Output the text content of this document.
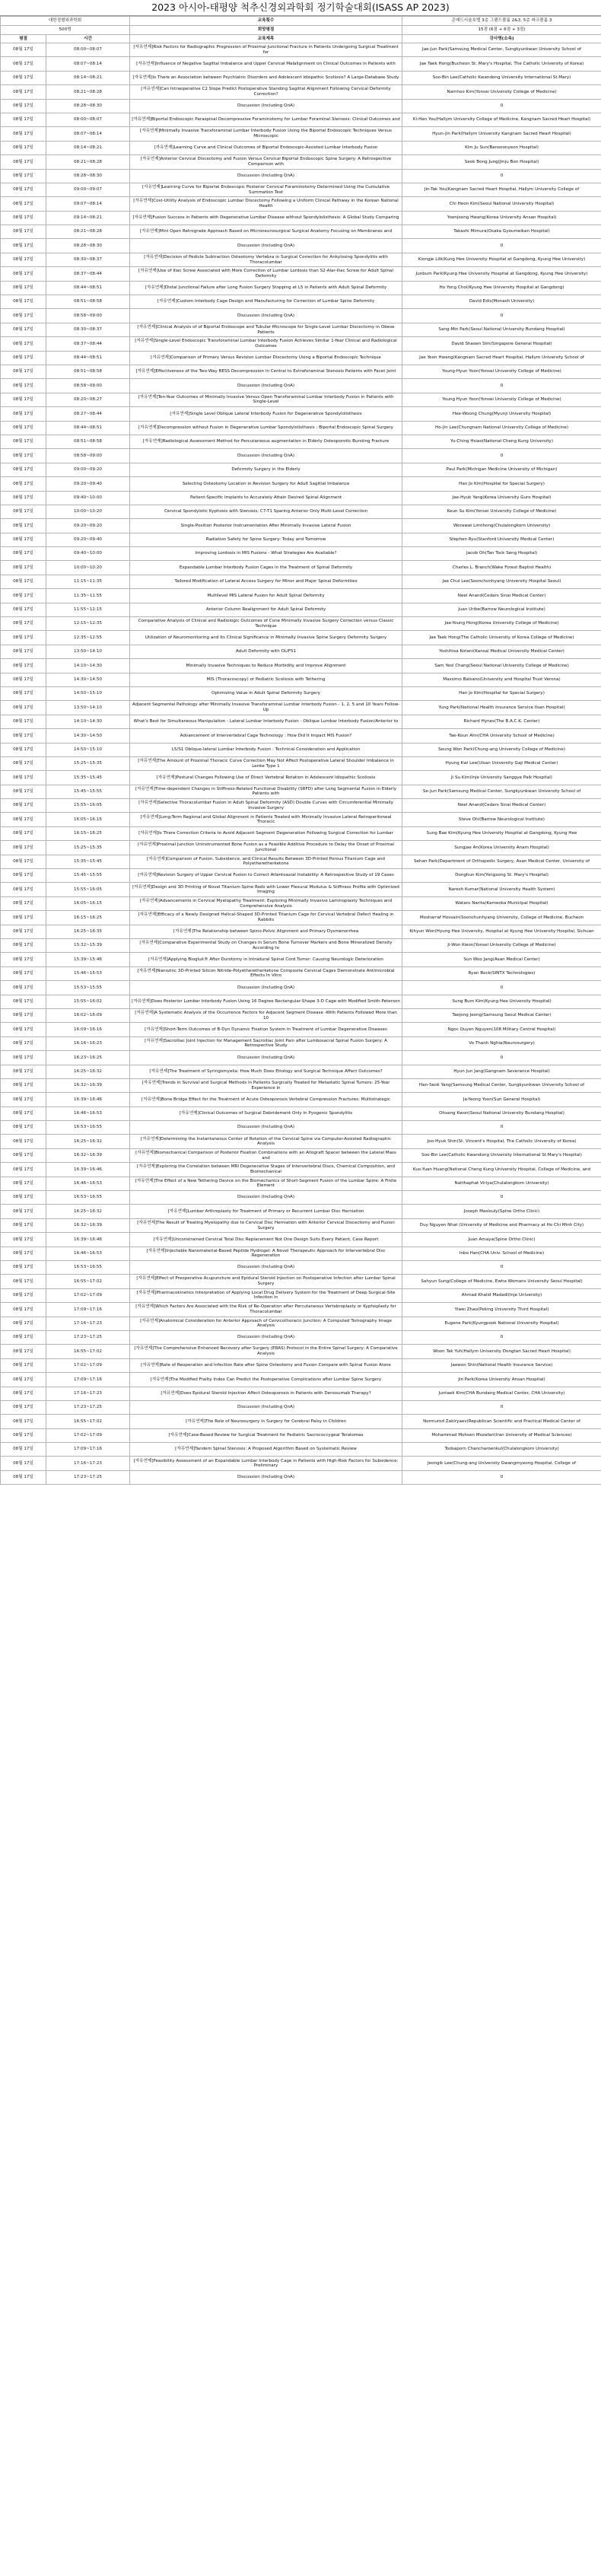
2023 아시아-태평양 척추신경외과학회 정기학술대회(ISASS AP 2023)
대한정형외과학회		교육횟수	콘래드서울호텔 3층 그랜드볼룸 2&3, 5층 파크볼룸 3
500명		희망평점	15점 (6점 + 6점 + 3점)
평점	시간	교육제목	강사명(소속)
08월 17일	08:00~08:07	[자유연제]Risk Factors for Radiographic Progression of Proximal Junctional Fracture in Patients Undergoing Surgical Treatment for	Jae-Jun Park(Samsung Medical Center, Sungkyunkwan University School of
08월 17일	08:07~08:14	[자유연제]Influence of Negative Sagittal Imbalance and Upper Cervical Malalignment on Clinical Outcomes in Patients with	Jae Taek Hong(Bucheon St. Mary's Hospital, The Catholic University of Korea)
08월 17일	08:14~08:21	[자유연제]Is There an Association between Psychiatric Disorders and Adolescent Idiopathic Scoliosis? A Large-Database Study	Soo-Bin Lee(Catholic Kwandong University International St.Mary)
08월 17일	08:21~08:28	[자유연제]Can Intraoperative C2 Slope Predict Postoperative Standing Sagittal Alignment Following Cervical Deformity Correction?	Namhoo Kim(Yonsei University College of Medicine)
08월 17일	08:28~08:30	Discussion (Including QnA)	0
08월 17일	08:00~08:07	[자유연제]Biportal Endoscopic Paraspinal Decompressive Foraminotomy for Lumbar Foraminal Stenosis: Clinical Outcomes and	Ki-Han You(Hallym University College of Medicine, Kangnam Sacred Heart Hospital)
08월 17일	08:07~08:14	[자유연제]Minimally Invasive Transforaminal Lumbar Interbody Fusion Using the Biportal Endoscopic Techniques Versus Microscopic	Hyun-Jin Park(Hallym University Kangnam Sacred Heart Hospital)
08월 17일	08:14~08:21	[자유연제]Learning Curve and Clinical Outcomes of Biportal Endoscopic-Assisted Lumbar Interbody Fusion	Kim Ju Sun(Bansoonyeon Hospital)
08월 17일	08:21~08:28	[자유연제]Anterior Cervical Discectomy and Fusion Versus Cervical Biportal Endoscopic Spine Surgery: A Retrospective Comparison with	Seok Bong Jung(Jinju Bon Hospital)
08월 17일	08:28~08:30	Discussion (Including QnA)	0
08월 17일	09:00~09:07	[자유연제]Learning Curve for Biportal Endoscopic Posterior Cervical Foraminotomy Determined Using the Cumulative Summation Test	Jin-Tak You(Kangnam Sacred Heart Hospital, Hallym University College of
08월 17일	09:07~08:14	[자유연제]Cost-Utility Analysis of Endoscopic Lumbar Discectomy Following a Uniform Clinical Pathway in the Korean National Health	Chi Heon Kim(Seoul National University Hospital)
08월 17일	09:14~08:21	[자유연제]Fusion Success in Patients with Degenerative Lumbar Disease without Spondylolisthesis: A Global Study Comparing	Yoonjoong Hwang(Korea University Ansan Hospital)
08월 17일	08:21~08:28	[자유연제]Mini Open Retrograde Approach Based on Microneurosurgical Surgical Anatomy Focusing on Membranes and	Takashi Mimura(Osaka Gyoumeikan Hospital)
08월 17일	08:28~08:30	Discussion (Including QnA)	0
08월 17일	08:30~08:37	[자유연제]Decision of Pedicle Subtraction Osteotomy Vertebra in Surgical Correction for Ankylosing Spondylitis with Thoracolumbar	Kiongje Lilk(Kung Hee University Hospital at Gangdong, Kyung Hee University)
08월 17일	08:37~08:44	[자유연제]Use of Iliac Screw Associated with More Correction of Lumbar Lordosis than S2-Alar-Iliac Screw for Adult Spinal Deformity	Junbum Park(Kyung Hee University Hospital at Gangdong, Kyung Hee University)
08월 17일	08:44~08:51	[자유연제]Distal Junctional Failure after Long Fusion Surgery Stopping at L5 in Patients with Adult Spinal Deformity	Ho Yong Choi(Kyung Hee University Hospital at Gangdong)
08월 17일	08:51~08:58	[자유연제]Custom Interbody Cage Design and Manufacturing for Correction of Lumbar Spine Deformity	David Edis(Monash University)
08월 17일	08:58~09:00	Discussion (Including QnA)	0
08월 17일	08:30~08:37	[자유연제]Clinical Analysis of of Biportal Endoscope and Tubular Microscope for Single-Level Lumbar Discectomy in Obese Patients	Sang-Min Park(Seoul National University Bundang Hospital)
08월 17일	08:37~08:44	[자유연제]Single-Level Endoscopic Transforaminal Lumbar Interbody Fusion Achieves Similar 1-Year Clinical and Radiological Outcomes	David Shaoen Sim(Singapore General Hospital)
08월 17일	08:44~08:51	[자유연제]Comparison of Primary Versus Revision Lumbar Discectomy Using a Biportal Endoscopic Technique	Jae Yeon Hwang(Kangnam Sacred Heart Hospital, Hallym University School of
08월 17일	08:51~08:58	[자유연제]Effectiveness of the Two-Way BESS Decompression in Central to Extraforaminal Stenosis Patients with Facet Joint	Young-Hyun Yoon(Yonsei University College of Medicine)
08월 17일	08:58~09:00	Discussion (Including QnA)	0
08월 17일	08:20~08:27	[자유연제]Ten-Year Outcomes of Minimally Invasive Versus Open Transforaminal Lumbar Interbody Fusion in Patients with Single-Level	Young Hyun Yoon(Yonsei University College of Medicine)
08월 17일	08:27~08:44	[자유연제]Single Level Oblique Lateral Interbody Fusion for Degenerative Spondylolisthesis	Hee-Woong Chung(Myunji University Hospital)
08월 17일	08:44~08:51	[자유연제]Decompression without Fusion in Degenerative Lumbar Spondylolisthesis : Biportal Endoscopic Spinal Surgery	Ho-Jin Lee(Chungnam National University College of Medicine)
08월 17일	08:51~08:58	[자유연제]Radiological Assessment Method for Percutaneous augmentation in Elderly Osteoporotic Bursting Fracture	Yu-Ching Hsiao(National Cheng Kung University)
08월 17일	08:58~09:00	Discussion (Including QnA)	0
08월 17일	09:00~09:20	Deformity Surgery in the Elderly	Paul Park(Michigan Medicine University of Michigan)
08월 17일	09:20~09:40	Selecting Osteotomy Location in Revision Surgery for Adult Sagittal Imbalance	Han Jo Kim(Hospital for Special Surgery)
08월 17일	09:40~10:00	Patient-Specific Implants to Accurately Attain Desired Spinal Alignment	Jae-Hyuk Yang(Korea University Guro Hospital)
08월 17일	10:00~10:20	Cervical Spondylotic Kyphosis with Stenosis: C7-T1 Sparing Anterior Only Multi-Level Correction	Keun Su Kim(Yonsei University College of Medicine)
08월 17일	09:20~09:20	Single-Position Posterior Instrumentation After Minimally Invasive Lateral Fusion	Worawat Limthong(Chulalongkorn University)
08월 17일	09:20~09:40	Radiation Safety for Spine Surgery: Today and Tomorrow	Stephen Ryu(Stanford University Medical Center)
08월 17일	09:40~10:00	Improving Lordosis in MIS Fusions - What Strategies Are Available?	Jacob Oh(Tan Tock Seng Hospital)
08월 17일	10:00~10:20	Expandable Lumbar Interbody Fusion Cages in the Treatment of Spinal Deformity	Charles L. Branch(Wake Forest Baptist Health)
08월 17일	11:15~11:35	Tailored Modification of Lateral Access Surgery for Minor and Major Spinal Deformities	Jae Chul Lee(Soonchunhyang University Hospital Seoul)
08월 17일	11:35~11:55	Multilevel MIS Lateral Fusion for Adult Spinal Deformity	Neel Anand(Cedars Sinai Medical Center)
08월 17일	11:55~12:15	Anterior Column Realignment for Adult Spinal Deformity	Juan Uribe(Barrow Neurological Institute)
08월 17일	12:15~12:35	Comparative Analysis of Clinical and Radiologic Outcomes of Cone Minimally Invasive Surgery Correction versus Classic Technique	Jae-Young Hong(Korea University College of Medicine)
08월 17일	12:35~12:55	Utilization of Neuromonitoring and Its Clinical Significance in Minimally Invasive Spine Surgery Deformity Surgery	Jae Taek Hong(The Catholic University of Korea College of Medicine)
08월 17일	13:50~14:10	Adult Deformity with OLIF51	Yoshihisa Kotani(Kansai Medical University Medical Center)
08월 17일	14:10~14:30	Minimally Invasive Techniques to Reduce Morbidity and Improve Alignment	Sam Yeol Chang(Seoul National University College of Medicine)
08월 17일	14:30~14:50	MIS (Thoracoscopy) or Pediatric Scoliosis with Tethering	Massimo Balsano(University and Hospital Trust Verona)
08월 17일	14:50~15:10	Optimizing Value in Adult Spinal Deformity Surgery	Han Jo Kim(Hospital for Special Surgery)
08월 17일	13:50~14:10	Adjacent Segmental Pathology after Minimally Invasive Transforaminal Lumbar Interbody Fusion - 1, 2, 5 and 10 Years Follow-Up	Yung Park(National Health Insurance Service Ilsan Hospital)
08월 17일	14:10~14:30	What's Best for Simultaneous Manipulation - Lateral Lumbar Interbody Fusion - Oblique Lumbar Interbody Fusion/Anterior to	Richard Hynes(The B.A.C.K. Center)
08월 17일	14:30~14:50	Advancement of Intervertebral Cage Technology : How Did It Impact MIS Fusion?	Tae-Koun Ahn(CHA University School of Medicine)
08월 17일	14:50~15:10	L5/S1 Oblique-lateral Lumbar Interbody Fusion : Technical Consideration and Application	Seung Won Park(Chung-ang University College of Medicine)
08월 17일	15:25~15:35	[자유연제]The Amount of Proximal Thoracic Curve Correction May Not Affect Postoperative Lateral Shoulder Imbalance in Lenke Type 1	Hyung Kwi Lee(Ulsan University Gaji Medical Center)
08월 17일	15:35~15:45	[자유연제]Postural Changes Following Use of Direct Vertebral Rotation in Adolescent Idiopathic Scoliosis	Ji Su Kim(Inje University Sanggye Paik Hospital)
08월 17일	15:45~15:55	[자유연제]Time-dependent Changes in Stiffness-Related Functional Disability (SRFD) after Long Segmental Fusion in Elderly Patients with	Se-Jun Park(Samsung Medical Center, Sungkyunkwan University School of
08월 17일	15:55~16:05	[자유연제]Selective Thoracolumbar Fusion in Adult Spinal Deformity (ASD) Double Curves with Circumferential Minimally Invasive Surgery	Neel Anand(Cedars Sinai Medical Center)
08월 17일	16:05~16:15	[자유연제]Long-Term Regional and Global Alignment in Patients Treated with Minimally Invasive Lateral Retroperitoneal Thoracic	Steve Ohi(Barrow Neurological Institute)
08월 17일	16:15~16:25	[자유연제]Is There Correction Criteria to Avoid Adjacent Segment Degeneration Following Surgical Correction for Lumbar	Sung Bae Kim(Kyung Hee University Hospital at Gangdong, Kyung Hee
08월 17일	15:25~15:35	[자유연제]Proximal Junction Uninstrumented Bone Fusion as a Feasible Additive Procedure to Delay the Onset of Proximal Junctional	Sungjae An(Korea University Anam Hospital)
08월 17일	15:35~15:45	[자유연제]Comparison of Fusion, Subsidence, and Clinical Results Between 3D-Printed Porous Titanium Cage and Polyetheretherketone	Sehan Park(Department of Orthopedic Surgery, Asan Medical Center, University of
08월 17일	15:45~15:55	[자유연제]Revision Surgery of Upper Cervical Fusion to Correct Atlantoaxial Instability: A Retrospective Study of 19 Cases	Donghun Kim(Yongsong St. Mary's Hospital)
08월 17일	15:55~16:05	[자유연제]Design and 3D Printing of Novel Titanium Spine Rods with Lower Flexural Modulus & Stiffness Profile with Optimized Imaging	Naresh Kumar(National University Health System)
08월 17일	16:05~16:15	[자유연제]Advancements in Cervical Myelopathy Treatment: Exploring Minimally Invasive Laminoplasty Techniques and Comprehensive Analysis	Wataru Narita(Kameoka Municipal Hospital)
08월 17일	16:15~16:25	[자유연제]Efficacy of a Newly Designed Helical-Shaped 3D-Printed Titanium Cage for Cervical Vertebral Defect Healing in Rabbits	Mosharraf Hossain(Soonchunhyang University, College of Medicine, Bucheon
08월 17일	16:25~16:35	[자유연제]The Relationship between Spino-Pelvic Alignment and Primary Dysmenorrhea	Kihyun Won(Hyung Hee University, Hospital at Kyung Hee University Hospital, Sichuan
08월 17일	15:32~15:39	[자유연제]Comparative Experimental Study on Changes in Serum Bone Turnover Markers and Bone Mineralized Density According to	Ji-Won Kwon(Yonsei University College of Medicine)
08월 17일	15:39~15:46	[자유연제]Applying Biogluk® After Durotomy in Intradural Spinal Cord Tumor: Causing Neurologic Deterioration	Sun Woo Jang(Asan Medical Center)
08월 17일	15:46~15:53	[자유연제]Nanozinc 3D-Printed Silicon Nitride-Polyetheretherketone Composite Cervical Cages Demonstrate Antimicrobial Effects In Vitro	Ryan Bock(SINTX Technologies)
08월 17일	15:53~15:55	Discussion (Including QnA)	0
08월 17일	15:55~16:02	[자유연제]Does Posterior Lumbar Interbody Fusion Using 16 Degree Rectangular-Shape 3-D Cage with Modified Smith-Peterson	Sung Bum Kim(Kyung Hee University Hospital)
08월 17일	16:02~16:09	[자유연제]A Systematic Analysis of the Occurrence Factors for Adjacent Segment Disease -With Patients Followed More than 10	Taejong Jeong(Samsung Seoul Medical Center)
08월 17일	16:09~16:16	[자유연제]Short-Term Outcomes of B-Dyn Dynamic Fixation System in Treatment of Lumbar Degenerative Diseases	Ngoc Quyen Nguyen(108 Military Central Hospital)
08월 17일	16:16~16:23	[자유연제]Sacroiliac Joint Injection for Management Sacroiliac Joint Pain after Lumbosacral Spinal Fusion Surgery: A Retrospective Study	Vo Thanh Nghia(Neurosurgery)
08월 17일	16:23~16:25	Discussion (Including QnA)	0
08월 17일	16:25~16:32	[자유연제]The Treatment of Syringomyelia: How Much Does Etiology and Surgical Technique Affect Outcomes?	Hyun Jun Jang(Gangnam Severance Hospital)
08월 17일	16:32~16:39	[자유연제]Trends in Survival and Surgical Methods in Patients Surgically Treated for Metastatic Spinal Tumors: 25-Year Experience in	Han-Seok Yang(Samsung Medical Center, Sungkyunkwan University School of
08월 17일	16:39~16:46	[자유연제]Bone Bridge Effect for the Treatment of Acute Osteoporosis Vertebral Compression Fractures: Multistrategic	Ja-Yeong Yoon(Sun General Hospital)
08월 17일	16:46~16:53	[자유연제]Clinical Outcomes of Surgical Debridement Only in Pyogenic Spondylitis	Ohsang Kwon(Seoul National University Bundang Hospital)
08월 17일	16:53~16:55	Discussion (Including QnA)	0
08월 17일	16:25~16:32	[자유연제]Determining the Instantaneous Center of Rotation of the Cervical Spine via Computer-Assisted Radiographic Analysis	Joo-Hyuk Shin(St. Vincent's Hospital, The Catholic University of Korea)
08월 17일	16:32~16:39	[자유연제]Biomechanical Comparison of Posterior Fixation Combinations with an Allograft Spacer between the Lateral Mass and	Soo-Bin Lee(Catholic Kwandong University International St.Mary's Hospital)
08월 17일	16:39~16:46	[자유연제]Exploring the Correlation between MRI Degenerative Stages of Intervertebral Discs, Chemical Composition, and Biomechanical	Kuo-Yuan Huang(National Cheng Kung University Hospital, College of Medicine, and
08월 17일	16:46~16:53	[자유연제]The Effect of a New Tethering Device on the Biomechanics of Short-Segment Fusion of the Lumbar Spine: A Finite Element	Natthaphat Viriya(Chulalongkorn University)
08월 17일	16:53~16:55	Discussion (Including QnA)	0
08월 17일	16:25~16:32	[자유연제]Lumbar Arthroplasty for Treatment of Primary or Recurrent Lumbar Disc Herniation	Joseph Maslouly(Spine Ortho Clinic)
08월 17일	16:32~16:39	[자유연제]The Result of Treating Myelopathy due to Cervical Disc Herniation with Anterior Cervical Discectomy and Fusion Surgery	Duy Nguyen Nhat (University of Medicine and Pharmacy at Ho Chi Minh City)
08월 17일	16:39~16:46	[자유연제]Unconstrained Cervical Total Disc Replacement Not One Design Suits Every Patient, Case Report	Juan Amaya(Spine Ortho Clinic)
08월 17일	16:46~16:53	[자유연제]Injectable Nanomaterial-Based Peptide Hydrogel: A Novel Therapeutic Approach for Intervertebral Disc Regeneration	Inbo Han(CHA Univ. School of Medicine)
08월 17일	16:53~16:55	Discussion (Including QnA)	0
08월 17일	16:55~17:02	[자유연제]Effect of Preoperative Acupuncture and Epidural Steroid Injection on Postoperative Infection after Lumbar Spinal Surgery	Sahyun Sung(College of Medicine, Ewha Womans University Seoul Hospital)
08월 17일	17:02~17:09	[자유연제]Pharmacokinetics Interpretation of Applying Local Drug Delivery System for the Treatment of Deep Surgical-Site Infection in	Ahmad Khalid Madadi(Inje University)
08월 17일	17:09~17:16	[자유연제]Which Factors Are Associated with the Risk of Re-Operation after Percutaneous Vertebroplasty or Kyphoplasty for Thoracolumbar	Yiwei Zhao(Peking University Third Hospital)
08월 17일	17:16~17:23	[자유연제]Anatomical Consideration for Anterior Approach of Cervicothoracic Junction: A Computed Tomography Image Analysis	Eugene Park(Kyungpook National University Hospital)
08월 17일	17:23~17:25	Discussion (Including QnA)	0
08월 17일	16:55~17:02	[자유연제]The Comprehensive Enhanced Recovery after Surgery (ERAS) Protocol in the Entire Spinal Surgery: A Comparative Analysis	Woon Tak Yuh(Hallym University Dongtan Sacred Heart Hospital)
08월 17일	17:02~17:09	[자유연제]Rate of Reoperation and Infection Rate after Spine Osteotomy and Fusion Compare with Spinal Fusion Alone	Jaewon Shin(National Health Insurance Service)
08월 17일	17:09~17:16	[자유연제]The Modified Frailty Index Can Predict the Postoperative Complications after Lumbar Spine Surgery	Jin Park(Korea University Ansan Hospital)
08월 17일	17:16~17:23	[자유연제]Does Epidural Steroid Injection Affect Osteoporosis in Patients with Denosumab Therapy?	Juntaek Kim(CHA Bundang Medical Center, CHA University)
08월 17일	17:23~17:25	Discussion (Including QnA)	0
08월 17일	16:55~17:02	[자유연제]The Role of Neurosurgery in Surgery for Cerebral Palsy in Children	Normurod Zakiryaev(Republican Scientific and Practical Medical Center of
08월 17일	17:02~17:09	[자유연제]Case-Based Review for Surgical Treatment for Pediatric Sacrococcygeal Teratomas	Mohammad Mohsen Mozafari(Iran University of Medical Sciences)
08월 17일	17:09~17:16	[자유연제]Tandem Spinal Stenosis: A Proposed Algorithm Based on Systematic Review	Todsaporn Chancharoenkul(Chulalongkorn University)
08월 17일	17:16~17:23	[자유연제]Feasibility Assessment of an Expandable Lumbar Interbody Cage in Patients with High-Risk Factors for Subsidence: Preliminary	Jeongik Lee(Chung-ang University Gwangmyeong Hospital, College of
08월 17일	17:23~17:25	Discussion (Including QnA)	0
